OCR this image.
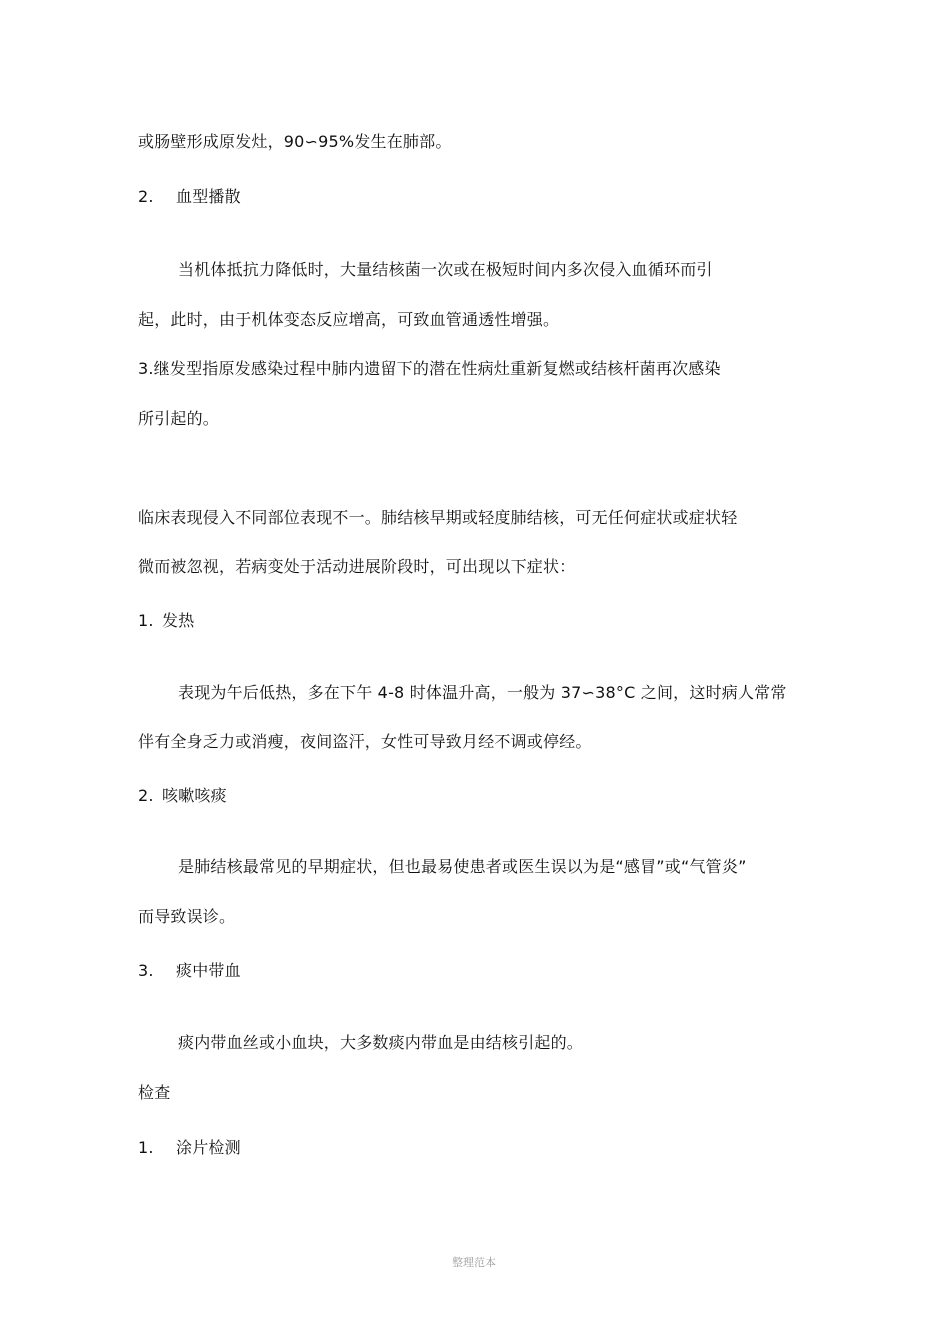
或肠壁形成原发灶，90∽95%发生在肺部。
2. 血型播散
当机体抵抗力降低时，大量结核菌一次或在极短时间内多次侵入血循环而引
起，此时，由于机体变态反应增高，可致血管通透性增强。
3.继发型指原发感染过程中肺内遗留下的潜在性病灶重新复燃或结核杆菌再次感染
所引起的。
临床表现侵入不同部位表现不一。肺结核早期或轻度肺结核，可无任何症状或症状轻
微而被忽视，若病变处于活动进展阶段时，可出现以下症状：
1. 发热
表现为午后低热，多在下午 4-8 时体温升高，一般为 37∽38°C 之间，这时病人常常
伴有全身乏力或消瘦，夜间盗汗，女性可导致月经不调或停经。
2. 咳嗽咳痰
是肺结核最常见的早期症状，但也最易使患者或医生误以为是“感冒”或“气管炎”
而导致误诊。
3. 痰中带血
痰内带血丝或小血块，大多数痰内带血是由结核引起的。
检查
1. 涂片检测
整理范本
